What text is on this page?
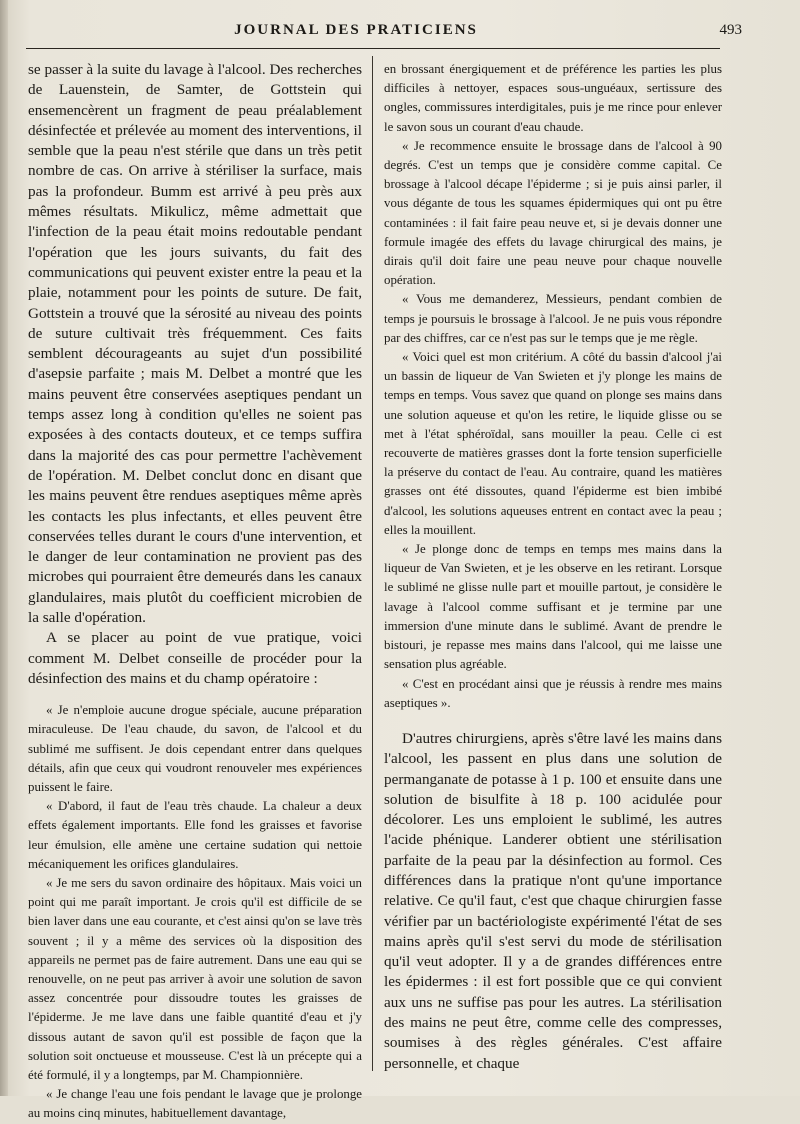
JOURNAL DES PRATICIENS	493

se passer à la suite du lavage à l'alcool. Des recherches de Lauenstein, de Samter, de Gottstein qui ensemencèrent un fragment de peau préalablement désinfectée et prélevée au moment des interventions, il semble que la peau n'est stérile que dans un très petit nombre de cas. On arrive à stériliser la surface, mais pas la profondeur. Bumm est arrivé à peu près aux mêmes résultats. Mikulicz, même admettait que l'infection de la peau était moins redoutable pendant l'opération que les jours suivants, du fait des communications qui peuvent exister entre la peau et la plaie, notamment pour les points de suture. De fait, Gottstein a trouvé que la sérosité au niveau des points de suture cultivait très fréquemment. Ces faits semblent décourageants au sujet d'un possibilité d'asepsie parfaite ; mais M. Delbet a montré que les mains peuvent être conservées aseptiques pendant un temps assez long à condition qu'elles ne soient pas exposées à des contacts douteux, et ce temps suffira dans la majorité des cas pour permettre l'achèvement de l'opération. M. Delbet conclut donc en disant que les mains peuvent être rendues aseptiques même après les contacts les plus infectants, et elles peuvent être conservées telles durant le cours d'une intervention, et le danger de leur contamination ne provient pas des microbes qui pourraient être demeurés dans les canaux glandulaires, mais plutôt du coefficient microbien de la salle d'opération.

A se placer au point de vue pratique, voici comment M. Delbet conseille de procéder pour la désinfection des mains et du champ opératoire :

« Je n'emploie aucune drogue spéciale, aucune préparation miraculeuse. De l'eau chaude, du savon, de l'alcool et du sublimé me suffisent. Je dois cependant entrer dans quelques détails, afin que ceux qui voudront renouveler mes expériences puissent le faire.

« D'abord, il faut de l'eau très chaude. La chaleur a deux effets également importants. Elle fond les graisses et favorise leur émulsion, elle amène une certaine sudation qui nettoie mécaniquement les orifices glandulaires.

« Je me sers du savon ordinaire des hôpitaux. Mais voici un point qui me paraît important. Je crois qu'il est difficile de se bien laver dans une eau courante, et c'est ainsi qu'on se lave très souvent ; il y a même des services où la disposition des appareils ne permet pas de faire autrement. Dans une eau qui se renouvelle, on ne peut pas arriver à avoir une solution de savon assez concentrée pour dissoudre toutes les graisses de l'épiderme. Je me lave dans une faible quantité d'eau et j'y dissous autant de savon qu'il est possible de façon que la solution soit onctueuse et mousseuse. C'est là un précepte qui a été formulé, il y a longtemps, par M. Championnière.

« Je change l'eau une fois pendant le lavage que je prolonge au moins cinq minutes, habituellement davantage,

en brossant énergiquement et de préférence les parties les plus difficiles à nettoyer, espaces sous-unguéaux, sertissure des ongles, commissures interdigitales, puis je me rince pour enlever le savon sous un courant d'eau chaude.

« Je recommence ensuite le brossage dans de l'alcool à 90 degrés. C'est un temps que je considère comme capital. Ce brossage à l'alcool décape l'épiderme ; si je puis ainsi parler, il vous dégante de tous les squames épidermiques qui ont pu être contaminées : il fait faire peau neuve et, si je devais donner une formule imagée des effets du lavage chirurgical des mains, je dirais qu'il doit faire une peau neuve pour chaque nouvelle opération.

« Vous me demanderez, Messieurs, pendant combien de temps je poursuis le brossage à l'alcool. Je ne puis vous répondre par des chiffres, car ce n'est pas sur le temps que je me règle.

« Voici quel est mon critérium. A côté du bassin d'alcool j'ai un bassin de liqueur de Van Swieten et j'y plonge les mains de temps en temps. Vous savez que quand on plonge ses mains dans une solution aqueuse et qu'on les retire, le liquide glisse ou se met à l'état sphéroïdal, sans mouiller la peau. Celle ci est recouverte de matières grasses dont la forte tension superficielle la préserve du contact de l'eau. Au contraire, quand les matières grasses ont été dissoutes, quand l'épiderme est bien imbibé d'alcool, les solutions aqueuses entrent en contact avec la peau ; elles la mouillent.

« Je plonge donc de temps en temps mes mains dans la liqueur de Van Swieten, et je les observe en les retirant. Lorsque le sublimé ne glisse nulle part et mouille partout, je considère le lavage à l'alcool comme suffisant et je termine par une immersion d'une minute dans le sublimé. Avant de prendre le bistouri, je repasse mes mains dans l'alcool, qui me laisse une sensation plus agréable.

« C'est en procédant ainsi que je réussis à rendre mes mains aseptiques ».

D'autres chirurgiens, après s'être lavé les mains dans l'alcool, les passent en plus dans une solution de permanganate de potasse à 1 p. 100 et ensuite dans une solution de bisulfite à 18 p. 100 acidulée pour décolorer. Les uns emploient le sublimé, les autres l'acide phénique. Landerer obtient une stérilisation parfaite de la peau par la désinfection au formol. Ces différences dans la pratique n'ont qu'une importance relative. Ce qu'il faut, c'est que chaque chirurgien fasse vérifier par un bactériologiste expérimenté l'état de ses mains après qu'il s'est servi du mode de stérilisation qu'il veut adopter. Il y a de grandes différences entre les épidermes : il est fort possible que ce qui convient aux uns ne suffise pas pour les autres. La stérilisation des mains ne peut être, comme celle des compresses, soumises à des règles générales. C'est affaire personnelle, et chaque
